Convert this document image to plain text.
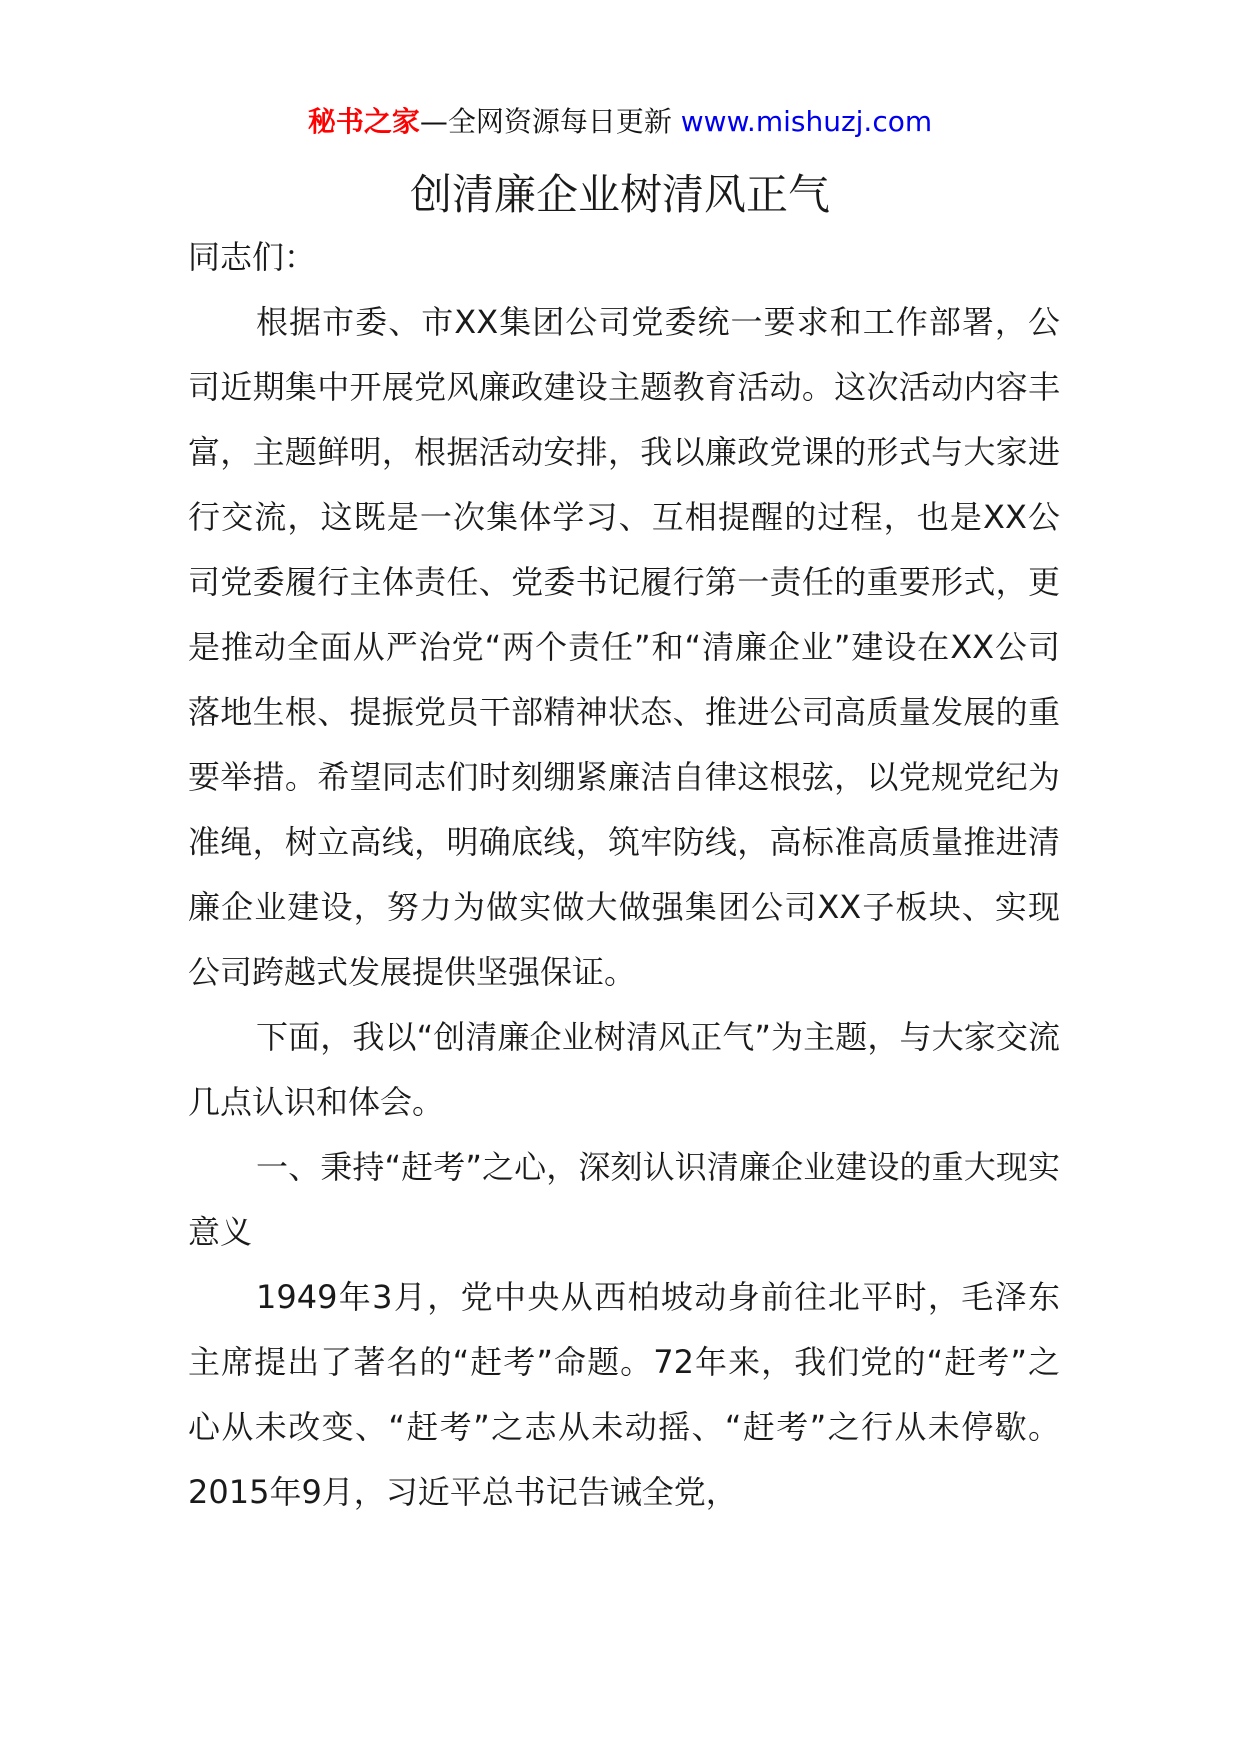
秘书之家—全网资源每日更新 www.mishuzj.com
创清廉企业树清风正气

同志们：

根据市委、市XX集团公司党委统一要求和工作部署，公司近期集中开展党风廉政建设主题教育活动。这次活动内容丰富，主题鲜明，根据活动安排，我以廉政党课的形式与大家进行交流，这既是一次集体学习、互相提醒的过程，也是XX公司党委履行主体责任、党委书记履行第一责任的重要形式，更是推动全面从严治党“两个责任”和“清廉企业”建设在XX公司落地生根、提振党员干部精神状态、推进公司高质量发展的重要举措。希望同志们时刻绷紧廉洁自律这根弦，以党规党纪为准绳，树立高线，明确底线，筑牢防线，高标准高质量推进清廉企业建设，努力为做实做大做强集团公司XX子板块、实现公司跨越式发展提供坚强保证。

下面，我以“创清廉企业树清风正气”为主题，与大家交流几点认识和体会。

一、秉持“赶考”之心，深刻认识清廉企业建设的重大现实意义

1949年3月，党中央从西柏坡动身前往北平时，毛泽东主席提出了著名的“赶考”命题。72年来，我们党的“赶考”之心从未改变、“赶考”之志从未动摇、“赶考”之行从未停歇。2015年9月，习近平总书记告诫全党，
